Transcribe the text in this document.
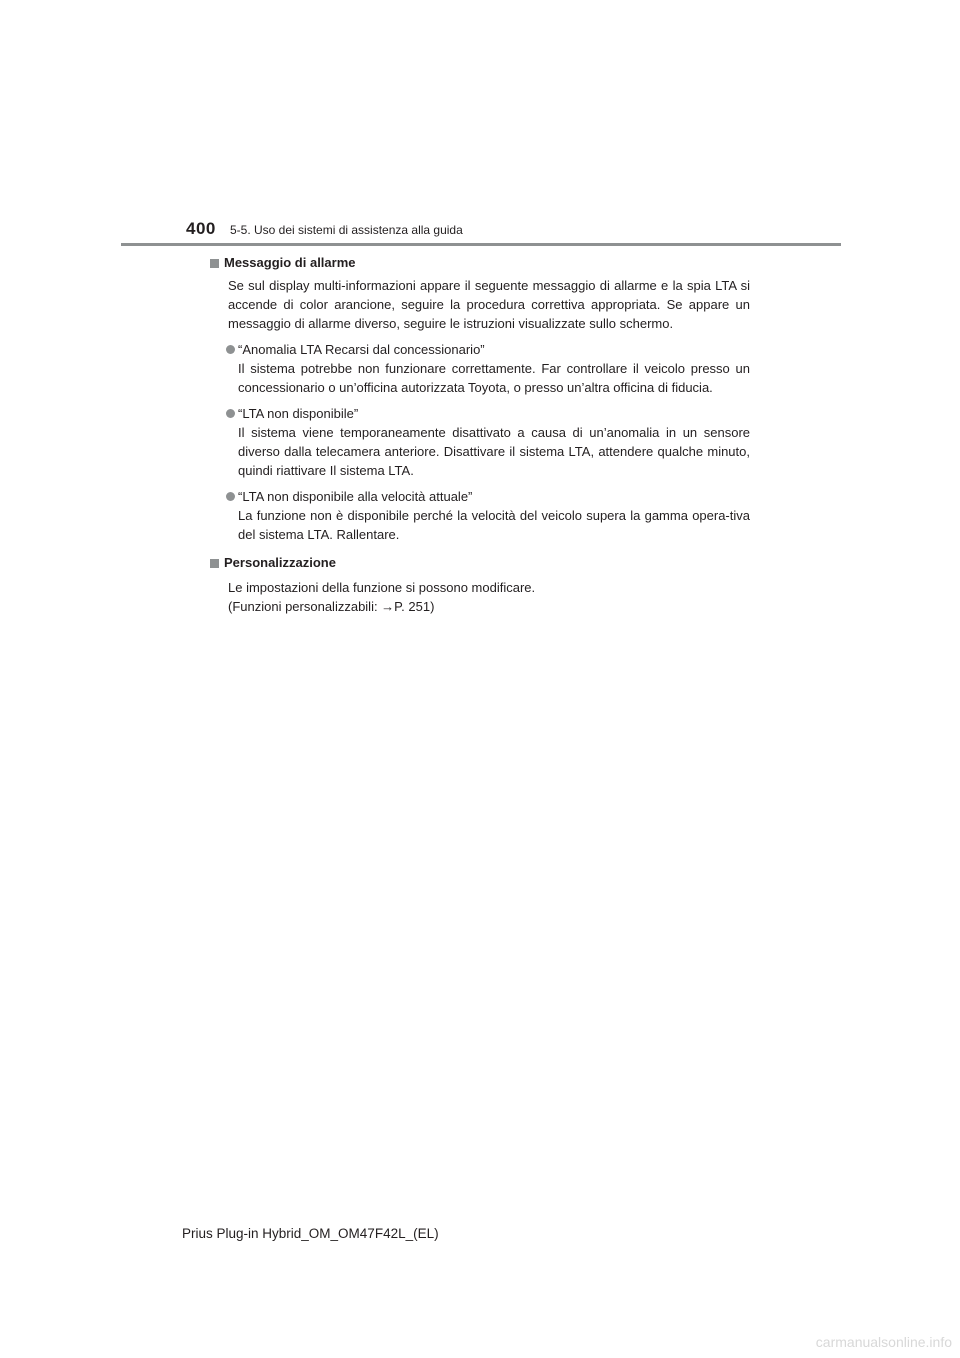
400 5-5. Uso dei sistemi di assistenza alla guida
Messaggio di allarme

Se sul display multi-informazioni appare il seguente messaggio di allarme e la spia LTA si accende di color arancione, seguire la procedura correttiva appropriata. Se appare un messaggio di allarme diverso, seguire le istruzioni visualizzate sullo schermo.

“Anomalia LTA Recarsi dal concessionario”
Il sistema potrebbe non funzionare correttamente. Far controllare il veicolo presso un concessionario o un’officina autorizzata Toyota, o presso un’altra officina di fiducia.
“LTA non disponibile”
Il sistema viene temporaneamente disattivato a causa di un’anomalia in un sensore diverso dalla telecamera anteriore. Disattivare il sistema LTA, attendere qualche minuto, quindi riattivare Il sistema LTA.
“LTA non disponibile alla velocità attuale”
La funzione non è disponibile perché la velocità del veicolo supera la gamma opera-tiva del sistema LTA. Rallentare.
Personalizzazione

Le impostazioni della funzione si possono modificare.
(Funzioni personalizzabili: →P. 251)

Prius Plug-in Hybrid_OM_OM47F42L_(EL)
carmanualsonline.info
